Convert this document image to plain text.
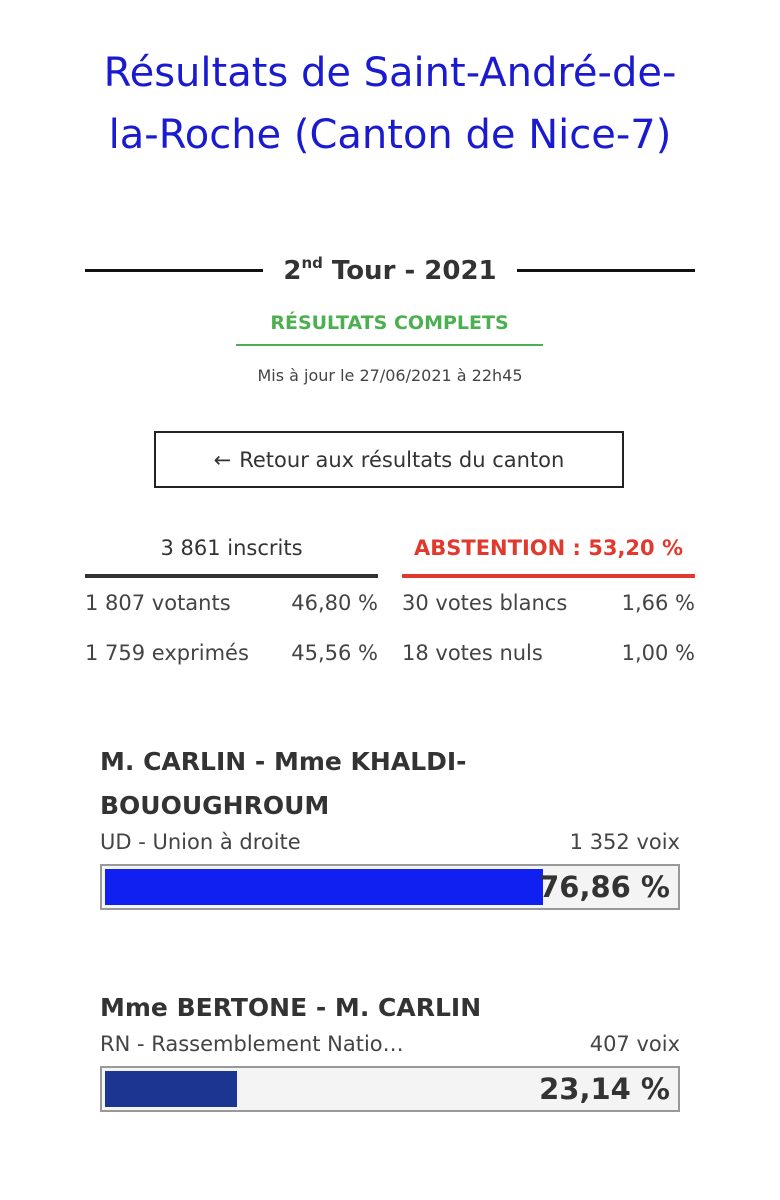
Résultats de Saint-André-de-la-Roche (Canton de Nice-7)
2nd Tour - 2021
RÉSULTATS COMPLETS
Mis à jour le 27/06/2021 à 22h45
← Retour aux résultats du canton
3 861 inscrits
1 807 votants	46,80 %
1 759 exprimés 45,56 %
ABSTENTION : 53,20 %
30 votes blancs	1,66 %
18 votes nuls	1,00 %
M. CARLIN - Mme KHALDI-BOUOUGHROUM
UD - Union à droite	1 352 voix
76,86 %
Mme BERTONE - M. CARLIN
RN - Rassemblement Natio…	407 voix
23,14 %
